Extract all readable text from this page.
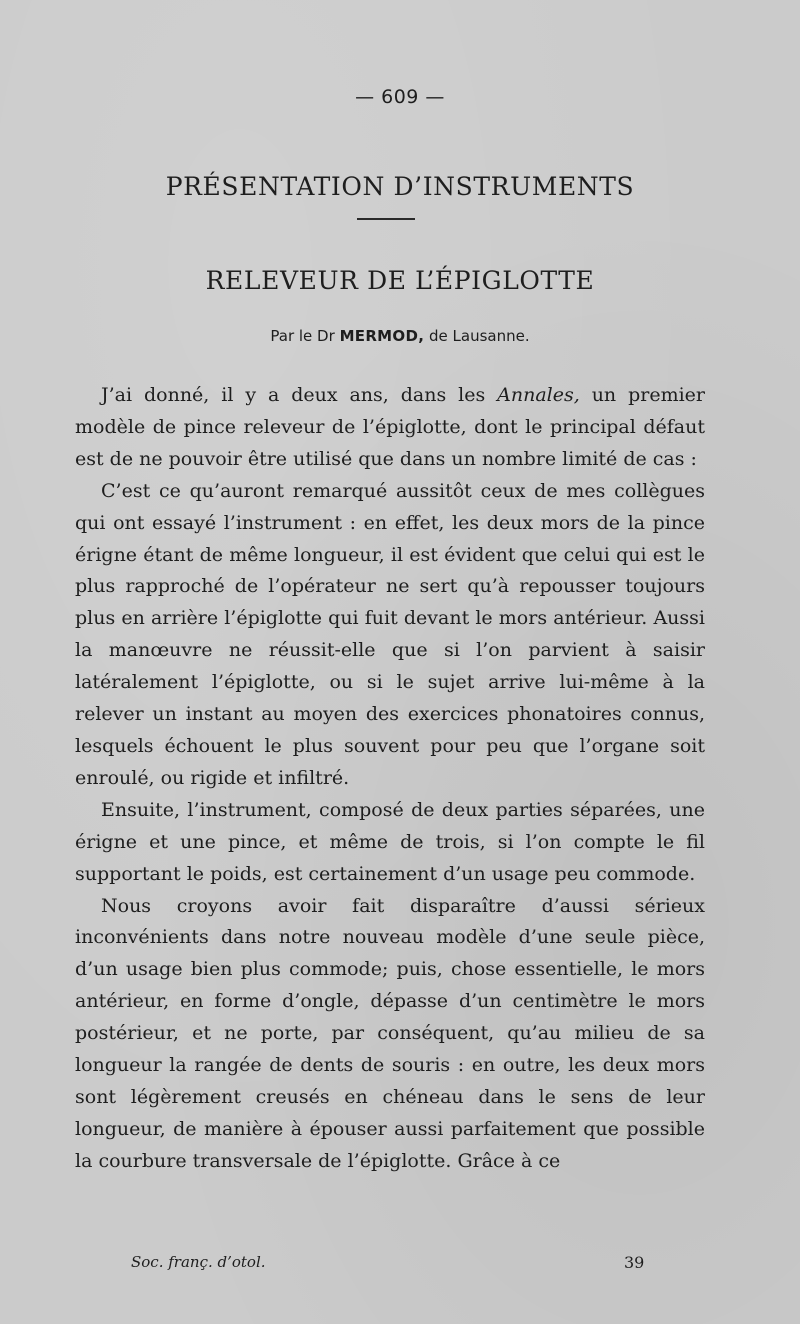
— 609 —
PRÉSENTATION D’INSTRUMENTS
RELEVEUR DE L’ÉPIGLOTTE
Par le Dr MERMOD, de Lausanne.

J’ai donné, il y a deux ans, dans les Annales, un premier modèle de pince releveur de l’épiglotte, dont le principal défaut est de ne pouvoir être utilisé que dans un nombre limité de cas :

C’est ce qu’auront remarqué aussitôt ceux de mes collègues qui ont essayé l’instrument : en effet, les deux mors de la pince érigne étant de même longueur, il est évident que celui qui est le plus rapproché de l’opérateur ne sert qu’à repousser toujours plus en arrière l’épiglotte qui fuit devant le mors antérieur. Aussi la manœuvre ne réussit-elle que si l’on parvient à saisir latéralement l’épiglotte, ou si le sujet arrive lui-même à la relever un instant au moyen des exercices phonatoires connus, lesquels échouent le plus souvent pour peu que l’organe soit enroulé, ou rigide et infiltré.

Ensuite, l’instrument, composé de deux parties séparées, une érigne et une pince, et même de trois, si l’on compte le fil supportant le poids, est certainement d’un usage peu commode.

Nous croyons avoir fait disparaître d’aussi sérieux inconvénients dans notre nouveau modèle d’une seule pièce, d’un usage bien plus commode; puis, chose essentielle, le mors antérieur, en forme d’ongle, dépasse d’un centimètre le mors postérieur, et ne porte, par conséquent, qu’au milieu de sa longueur la rangée de dents de souris : en outre, les deux mors sont légèrement creusés en chéneau dans le sens de leur longueur, de manière à épouser aussi parfaitement que possible la courbure transversale de l’épiglotte. Grâce à ce

Soc. franç. d’otol.	39
